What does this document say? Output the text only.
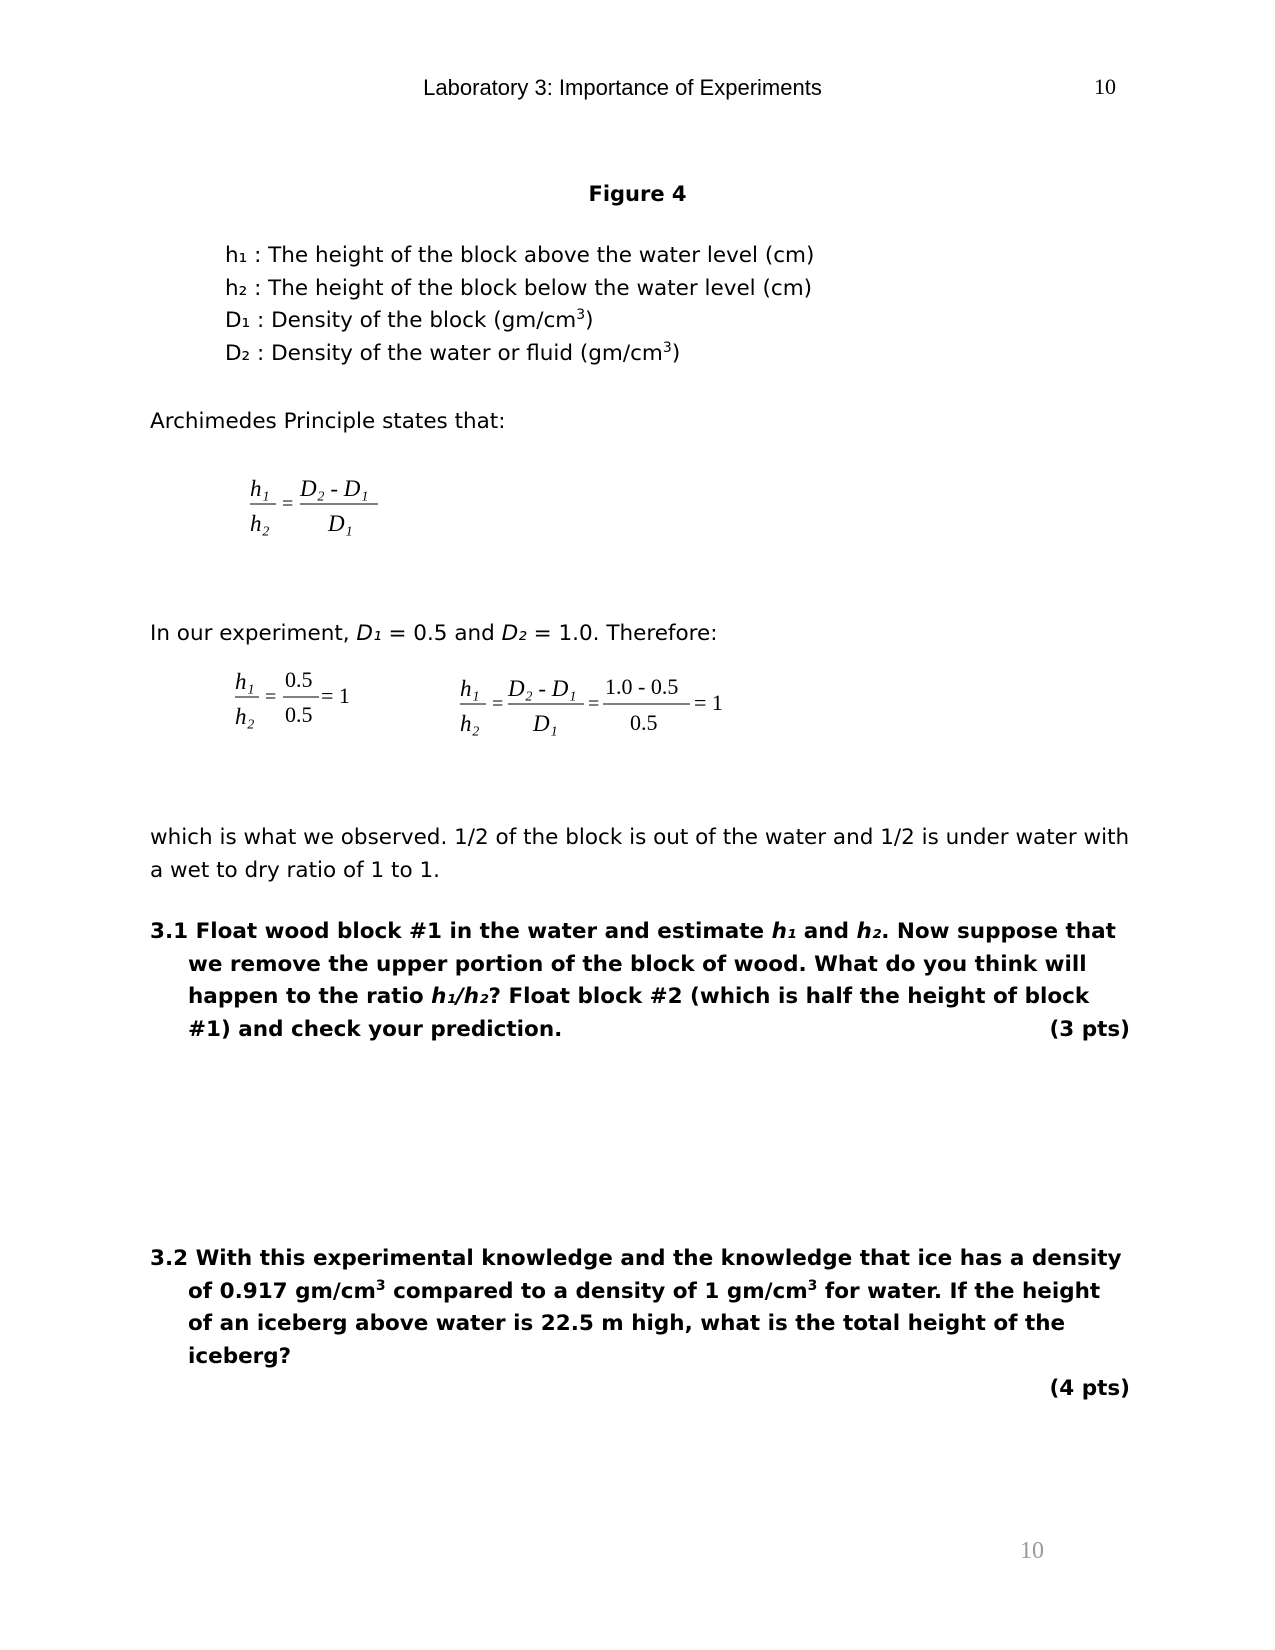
Laboratory 3: Importance of Experiments	10
Figure 4
h₁ : The height of the block above the water level (cm)
h₂ : The height of the block below the water level (cm)
D₁ : Density of the block $(gm/cm^3)$
D₂ : Density of the water or fluid $(gm/cm^3)$
Archimedes Principle states that:
h₁
h₂
=
D₂ - D₁
D₁
In our experiment, D₁ = 0.5 and D₂ = 1.0. Therefore:
h₁
h₂
=
0.5
0.5
= 1	h₁
h₂
=
D₂ - D₁
D₁
=
1.0 - 0.5
0.5
= 1
which is what we observed. 1/2 of the block is out of the water and 1/2 is under water with a wet to dry ratio of 1 to 1.
3.1 Float wood block #1 in the water and estimate h₁ and h₂. Now suppose that we remove the upper portion of the block of wood. What do you think will happen to the ratio h₁/h₂? Float block #2 (which is half the height of block #1) and check your prediction.	(3 pts)
3.2 With this experimental knowledge and the knowledge that ice has a density of 0.917 $gm/cm^3$ compared to a density of 1 $gm/cm^3$ for water. If the height of an iceberg above water is 22.5 m high, what is the total height of the iceberg?
(4 pts)
10
